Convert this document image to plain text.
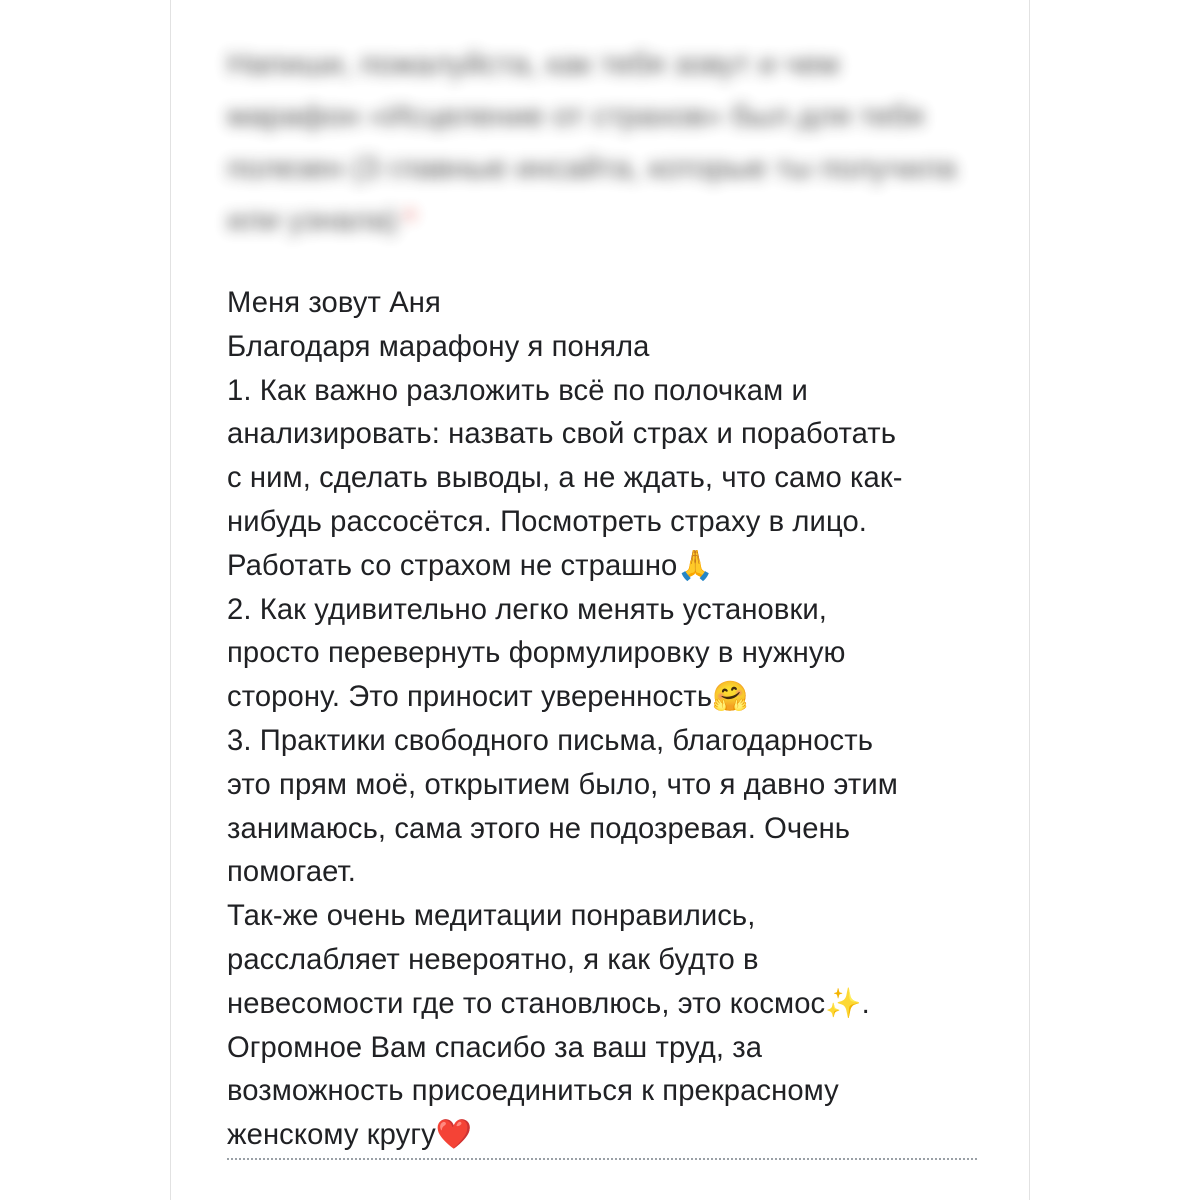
Напиши, пожалуйста, как тебя зовут и чем марафон «Исцеление от страхов» был для тебя полезен (3 главные инсайта, которые ты получила или узнала) *
Меня зовут Аня
Благодаря марафону я поняла
1. Как важно разложить всё по полочкам и
анализировать: назвать свой страх и поработать
с ним, сделать выводы, а не ждать, что само как-
нибудь рассосётся. Посмотреть страху в лицо.
Работать со страхом не страшно🙏
2. Как удивительно легко менять установки,
просто перевернуть формулировку в нужную
сторону. Это приносит уверенность🤗
3. Практики свободного письма, благодарность
это прям моё, открытием было, что я давно этим
занимаюсь, сама этого не подозревая. Очень
помогает.
Так-же очень медитации понравились,
расслабляет невероятно, я как будто в
невесомости где то становлюсь, это космос✨.
Огромное Вам спасибо за ваш труд, за
возможность присоединиться к прекрасному
женскому кругу❤️
